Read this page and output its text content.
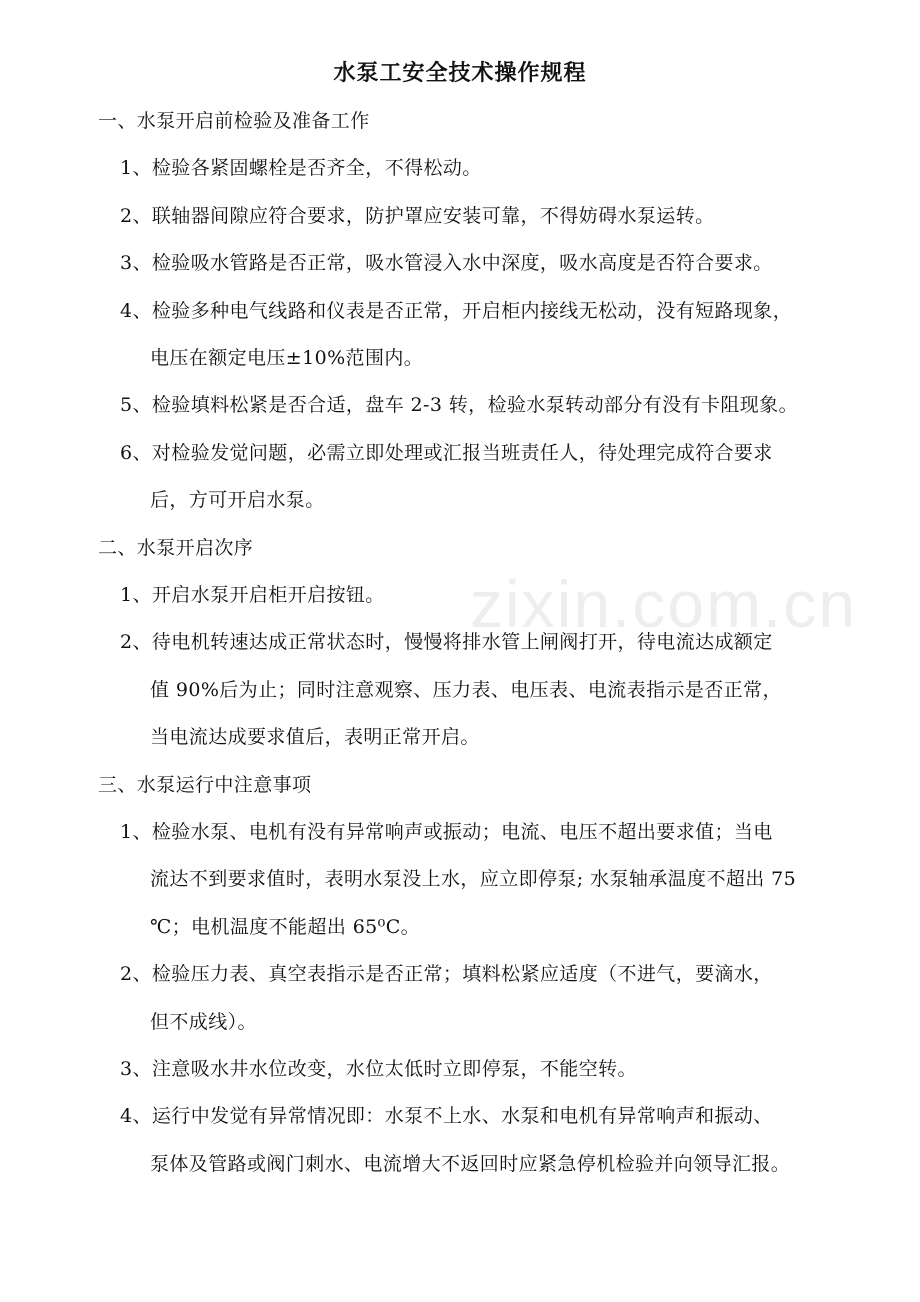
zixin.com.cn
水泵工安全技术操作规程
一、水泵开启前检验及准备工作
1、检验各紧固螺栓是否齐全，不得松动。
2、联轴器间隙应符合要求，防护罩应安装可靠，不得妨碍水泵运转。
3、检验吸水管路是否正常，吸水管浸入水中深度，吸水高度是否符合要求。
4、检验多种电气线路和仪表是否正常，开启柜内接线无松动，没有短路现象，
电压在额定电压±10%范围内。
5、检验填料松紧是否合适，盘车 2-3 转，检验水泵转动部分有没有卡阻现象。
6、对检验发觉问题，必需立即处理或汇报当班责任人，待处理完成符合要求
后，方可开启水泵。
二、水泵开启次序
1、开启水泵开启柜开启按钮。
2、待电机转速达成正常状态时，慢慢将排水管上闸阀打开，待电流达成额定
值 90%后为止；同时注意观察、压力表、电压表、电流表指示是否正常，
当电流达成要求值后，表明正常开启。
三、水泵运行中注意事项
1、检验水泵、电机有没有异常响声或振动；电流、电压不超出要求值；当电
流达不到要求值时，表明水泵没上水，应立即停泵; 水泵轴承温度不超出 75
℃；电机温度不能超出 65⁰C。
2、检验压力表、真空表指示是否正常；填料松紧应适度（不进气，要滴水，
但不成线）。
3、注意吸水井水位改变，水位太低时立即停泵，不能空转。
4、运行中发觉有异常情况即：水泵不上水、水泵和电机有异常响声和振动、
泵体及管路或阀门刺水、电流增大不返回时应紧急停机检验并向领导汇报。
